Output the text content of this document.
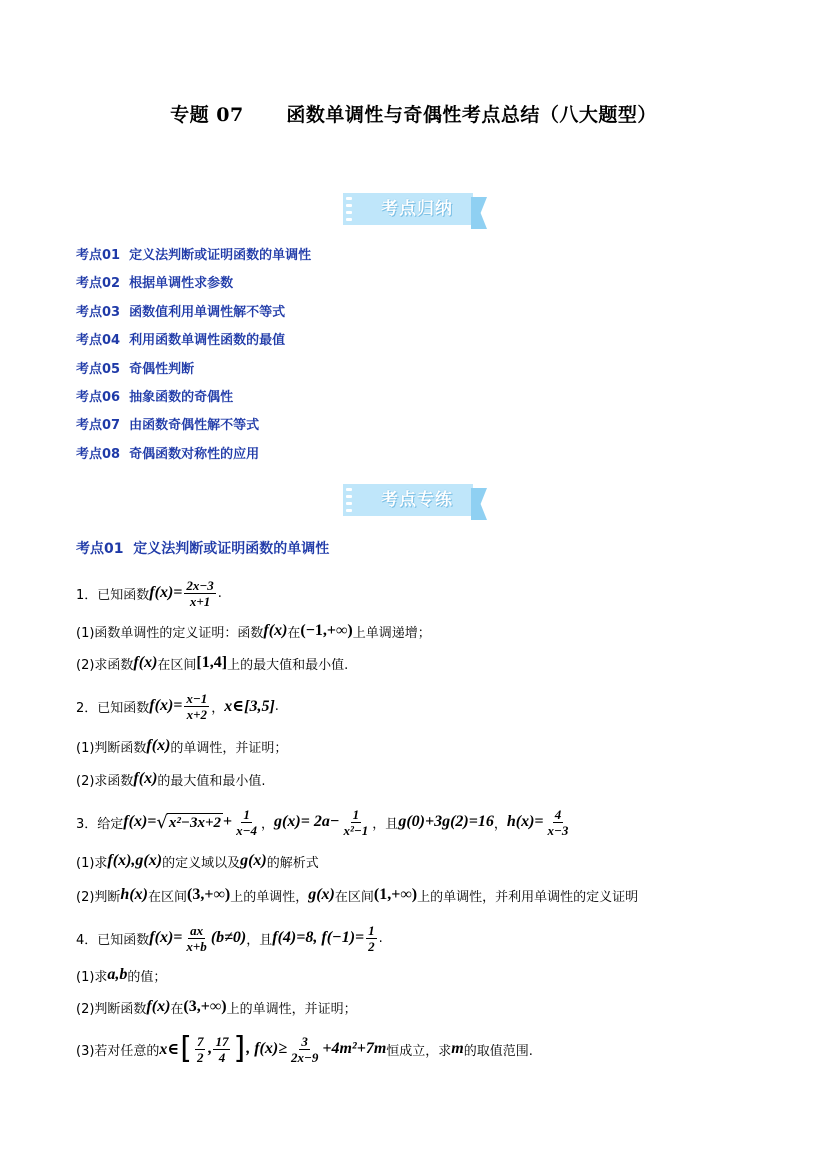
专题 07      函数单调性与奇偶性考点总结（八大题型）
考点归纳
考点01  定义法判断或证明函数的单调性
考点02  根据单调性求参数
考点03  函数值利用单调性解不等式
考点04  利用函数单调性函数的最值
考点05  奇偶性判断
考点06  抽象函数的奇偶性
考点07  由函数奇偶性解不等式
考点08  奇偶函数对称性的应用
考点专练
考点01  定义法判断或证明函数的单调性
1．已知函数 $f(x)= \frac{2x-3}{x+1}$ .
(1)函数单调性的定义证明：函数 f(x) 在 (−1,+∞) 上单调递增；
(2)求函数 f(x) 在区间 [1,4] 上的最大值和最小值.
2．已知函数 $f(x)= \frac{x-1}{x+2}$ ， x∈[3,5] .
(1)判断函数 f(x) 的单调性，并证明；
(2)求函数 f(x) 的最大值和最小值.
3．给定 f(x)= √ $x^2-3x+2 + \frac{1}{x-4}$ ， $g(x)= 2a- \frac{1}{\text{x²−1}}$ ，且 g(0)+3g(2)=16 ， $h(x)= \frac{4}{x-3}$
(1)求 f(x),g(x) 的定义域以及 g(x) 的解析式
(2)判断 h(x) 在区间 (3,+∞) 上的单调性， g(x) 在区间 (1,+∞) 上的单调性，并利用单调性的定义证明
4．已知函数 $f(x)= \frac{ax}{x+b} (b\ne 0)$ ，且 f(4)=8, $f(-1)= \frac{1}{2}$ .
(1)求 a,b 的值；
(2)判断函数 f(x) 在 (3,+∞) 上的单调性，并证明；
(3)若对任意的 x∈ [ $\frac{7}{2}$ , $\frac{17}{4}$ ] , $f(x)\ge \frac{3}{2x-9} +4m^2+7m$ 恒成立，求 m 的取值范围.
